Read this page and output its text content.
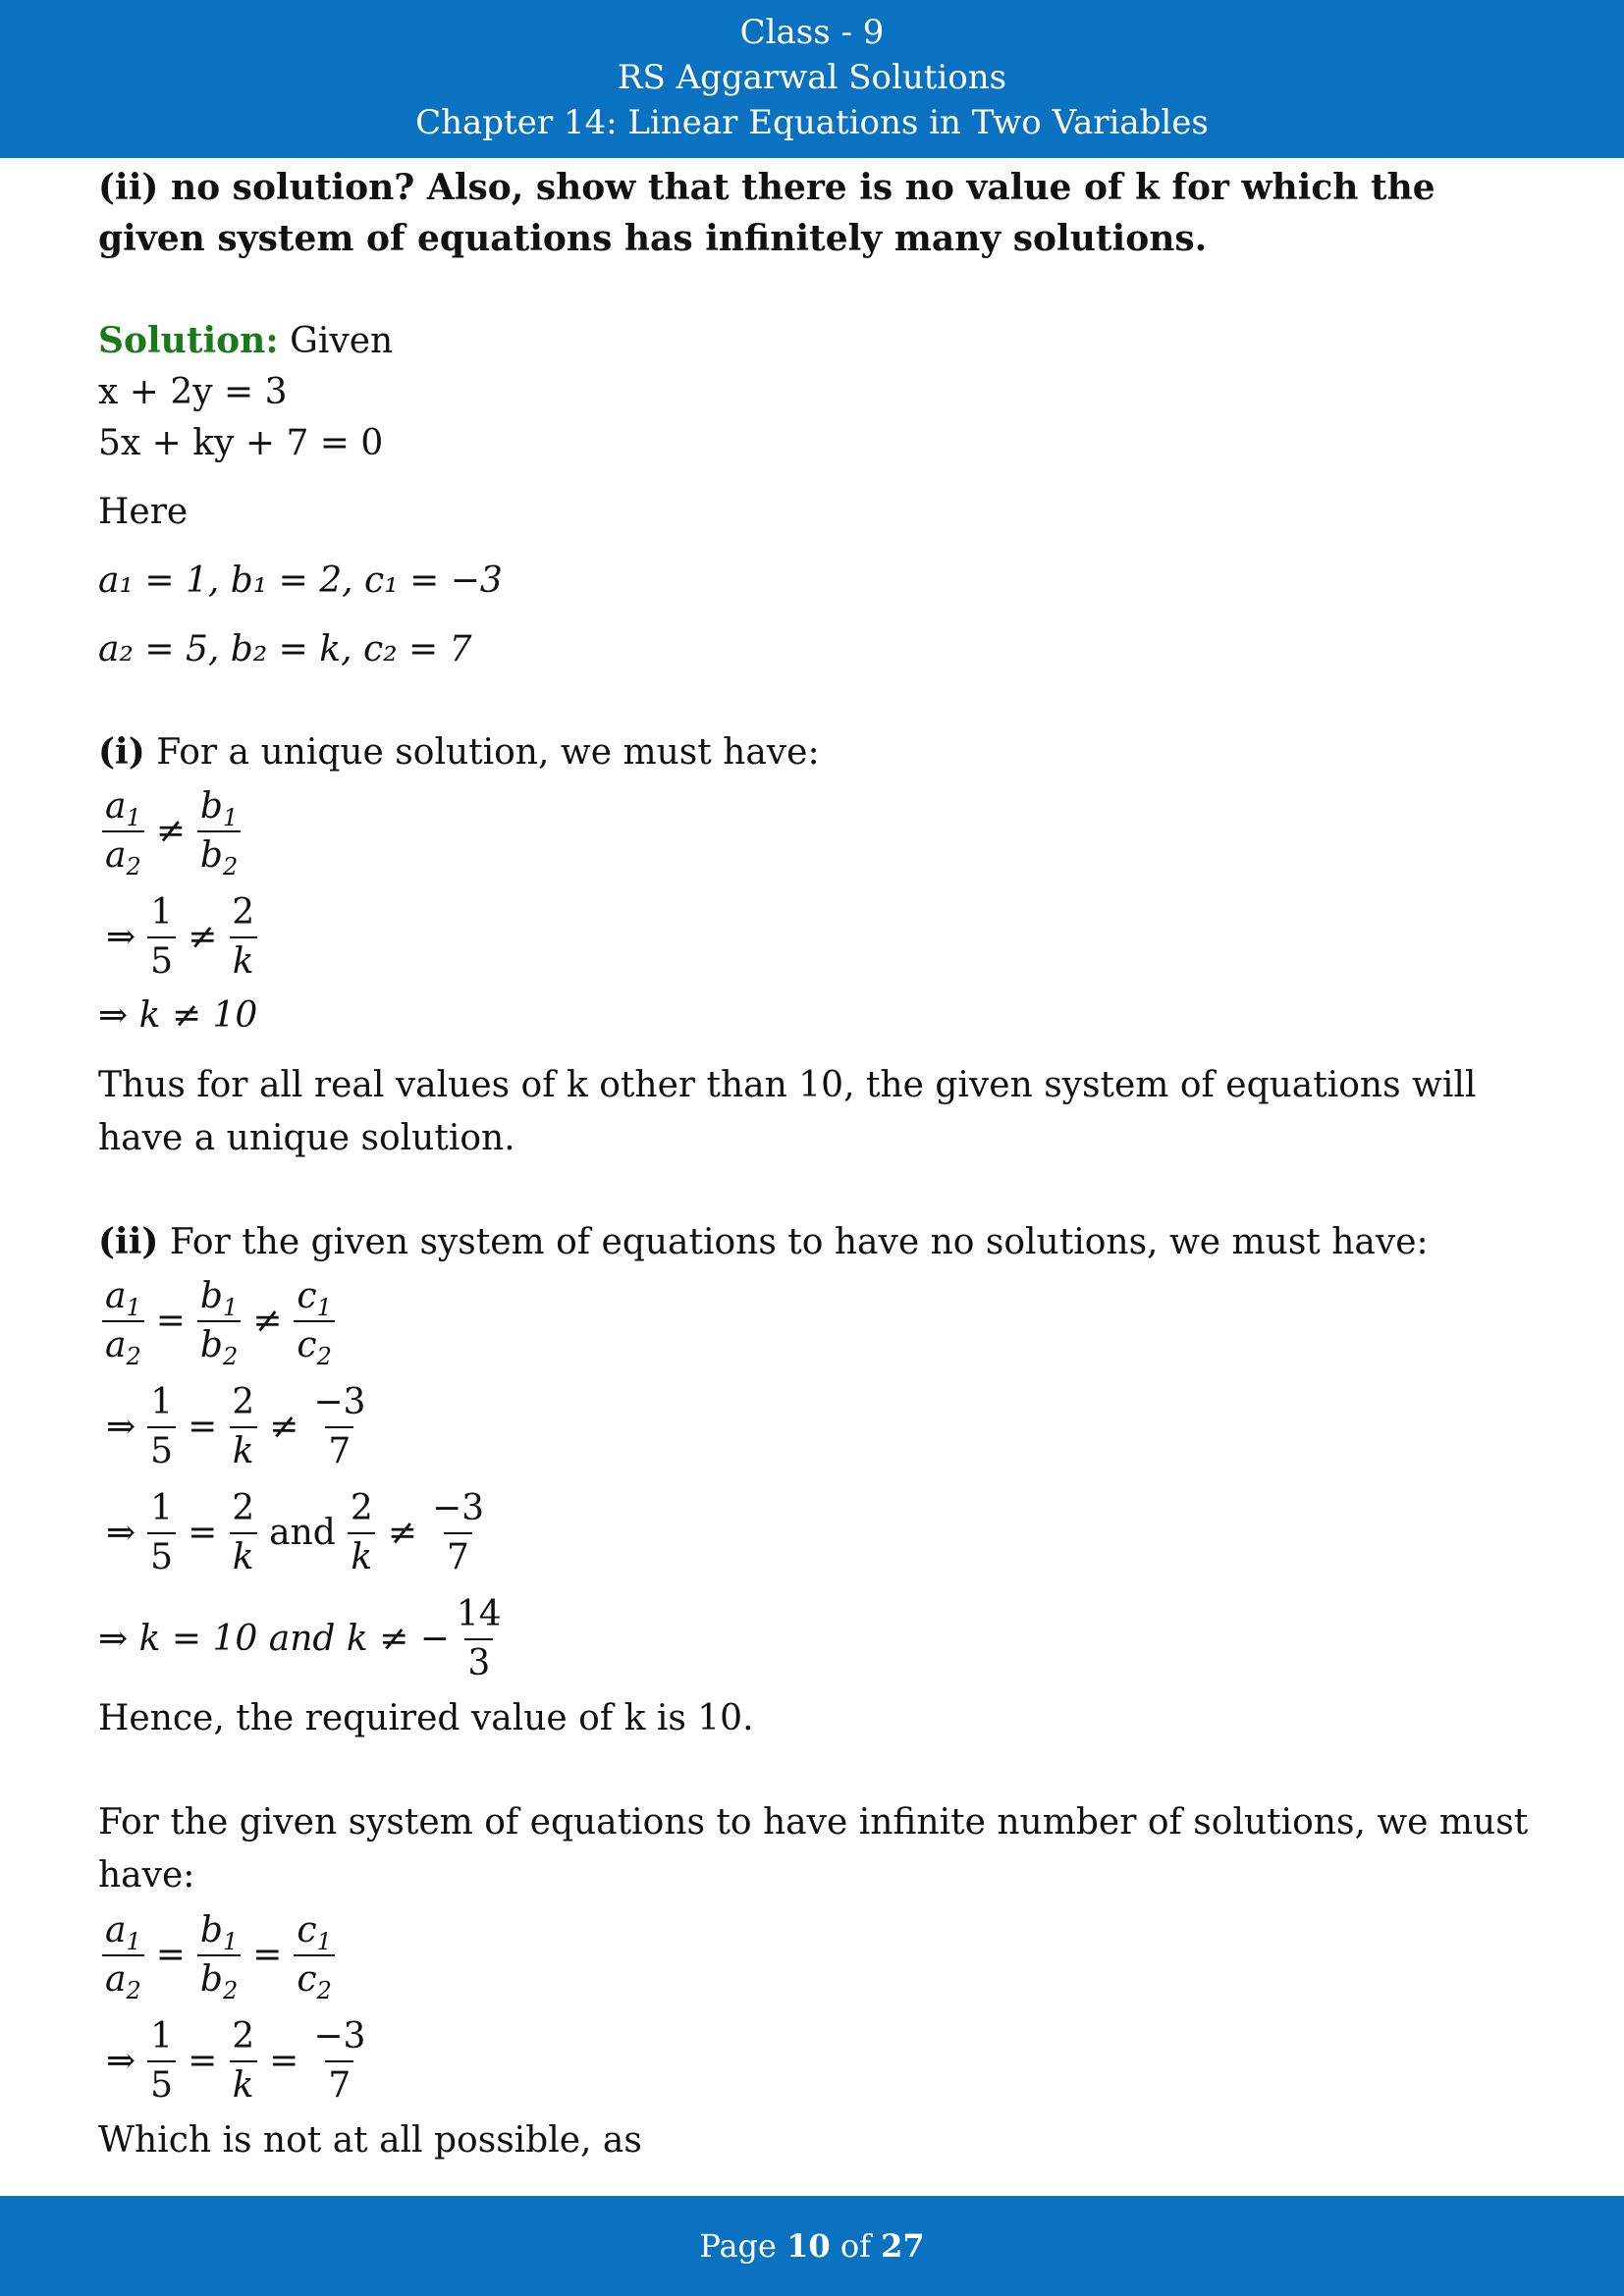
Class - 9
RS Aggarwal Solutions
Chapter 14: Linear Equations in Two Variables
(ii) no solution? Also, show that there is no value of k for which the given system of equations has infinitely many solutions.
Solution: Given
x + 2y = 3
5x + ky + 7 = 0
Here
a₁ = 1, b₁ = 2, c₁ = −3
a₂ = 5, b₂ = k, c₂ = 7
(i) For a unique solution, we must have:
$\frac{a_1}{a_2} \ne \frac{b_1}{b_2}$
⇒ $\frac{1}{5} \ne \frac{2}{k}$
⇒ k ≠ 10
Thus for all real values of k other than 10, the given system of equations will have a unique solution.
(ii) For the given system of equations to have no solutions, we must have:
$\frac{a_1}{a_2} = \frac{b_1}{b_2} \ne \frac{c_1}{c_2}$
⇒ $\frac{1}{5} = \frac{2}{k} \ne \frac{-3}{7}$
⇒ $\frac{1}{5} = \frac{2}{k}$ and $\frac{2}{k} \ne \frac{-3}{7}$
⇒ k = 10 and k ≠ − $\frac{14}{3}$
Hence, the required value of k is 10.
For the given system of equations to have infinite number of solutions, we must have:
$\frac{a_1}{a_2} = \frac{b_1}{b_2} = \frac{c_1}{c_2}$
⇒ $\frac{1}{5} = \frac{2}{k} = \frac{-3}{7}$
Which is not at all possible, as
Page 10 of 27
